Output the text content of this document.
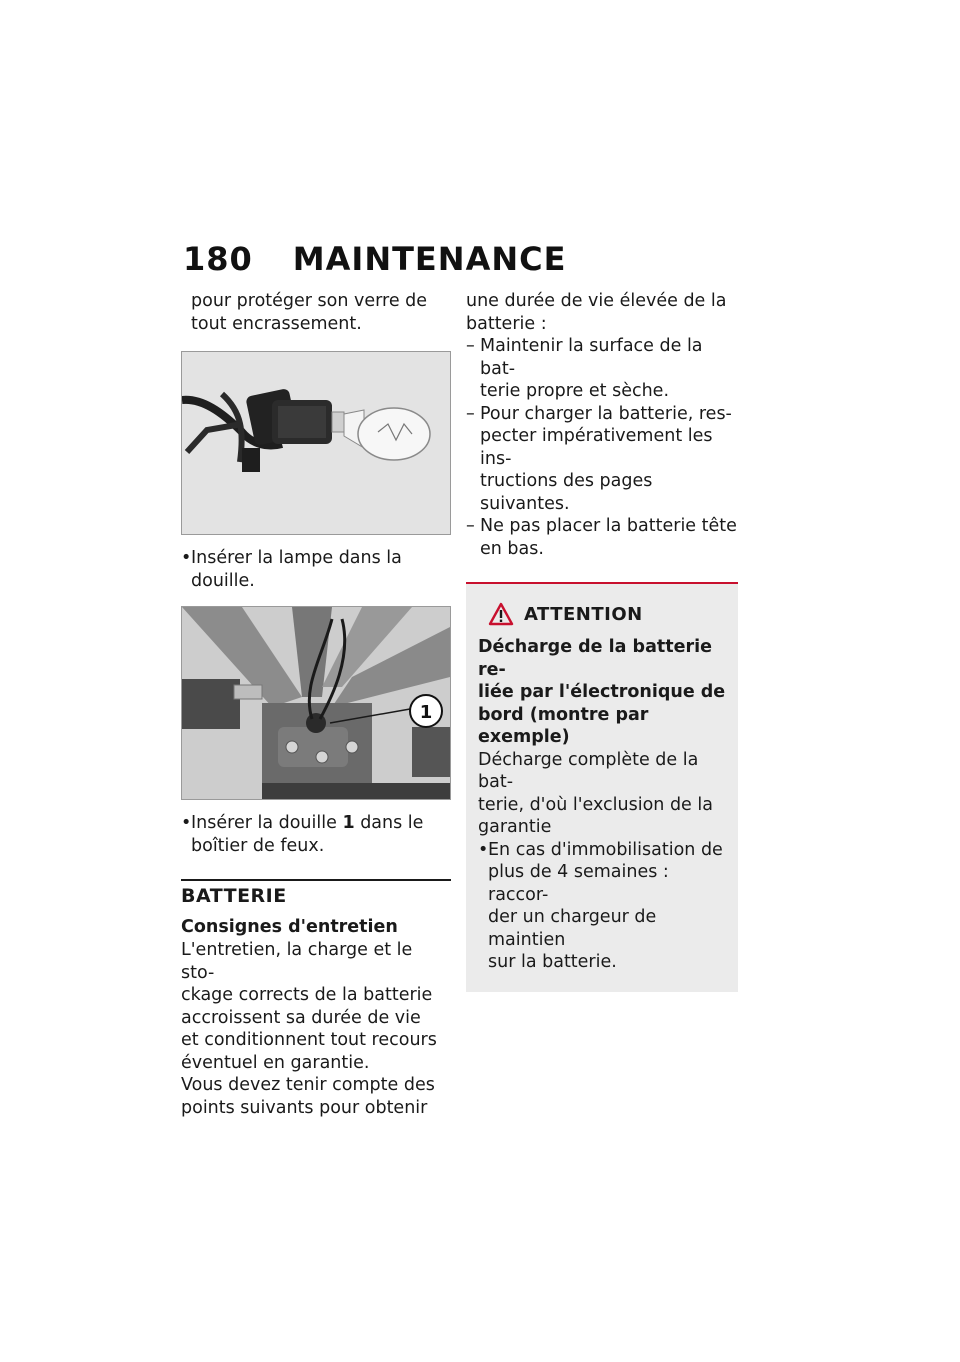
180 MAINTENANCE

pour protéger son verre de

tout encrassement.

• Insérer la lampe dans la

douille.

1

• Insérer la douille 1 dans le

boîtier de feux.

BATTERIE
Consignes d'entretien

L'entretien, la charge et le sto-

ckage corrects de la batterie

accroissent sa durée de vie

et conditionnent tout recours

éventuel en garantie.

Vous devez tenir compte des

points suivants pour obtenir

une durée de vie élevée de la

batterie :

– Maintenir la surface de la bat-

terie propre et sèche.

– Pour charger la batterie, res-

pecter impérativement les ins-

tructions des pages suivantes.

– Ne pas placer la batterie tête

en bas.

ATTENTION

Décharge de la batterie re-

liée par l'électronique de

bord (montre par exemple)

Décharge complète de la bat-

terie, d'où l'exclusion de la

garantie

• En cas d'immobilisation de

plus de 4 semaines : raccor-

der un chargeur de maintien

sur la batterie.
